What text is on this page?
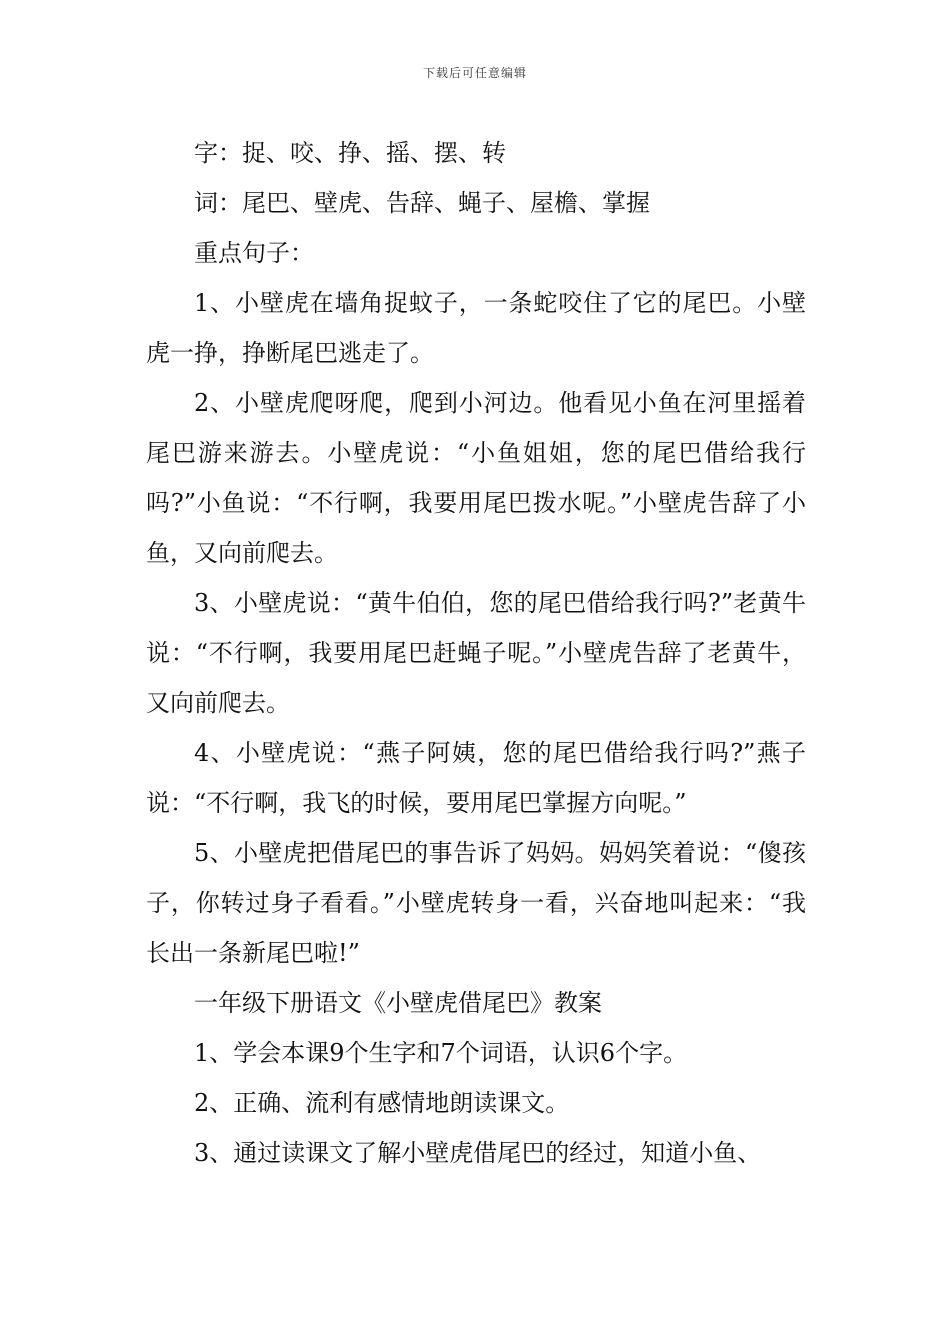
下载后可任意编辑

字：捉、咬、挣、摇、摆、转

词：尾巴、壁虎、告辞、蝇子、屋檐、掌握

重点句子：

1、小壁虎在墙角捉蚊子，一条蛇咬住了它的尾巴。小壁虎一挣，挣断尾巴逃走了。

2、小壁虎爬呀爬，爬到小河边。他看见小鱼在河里摇着尾巴游来游去。小壁虎说：“小鱼姐姐，您的尾巴借给我行吗?”小鱼说：“不行啊，我要用尾巴拨水呢。”小壁虎告辞了小鱼，又向前爬去。

3、小壁虎说：“黄牛伯伯，您的尾巴借给我行吗?”老黄牛说：“不行啊，我要用尾巴赶蝇子呢。”小壁虎告辞了老黄牛，又向前爬去。

4、小壁虎说：“燕子阿姨，您的尾巴借给我行吗?”燕子说：“不行啊，我飞的时候，要用尾巴掌握方向呢。”

5、小壁虎把借尾巴的事告诉了妈妈。妈妈笑着说：“傻孩子，你转过身子看看。”小壁虎转身一看，兴奋地叫起来：“我长出一条新尾巴啦!”

一年级下册语文《小壁虎借尾巴》教案

1、学会本课9个生字和7个词语，认识6个字。

2、正确、流利有感情地朗读课文。

3、通过读课文了解小壁虎借尾巴的经过，知道小鱼、
